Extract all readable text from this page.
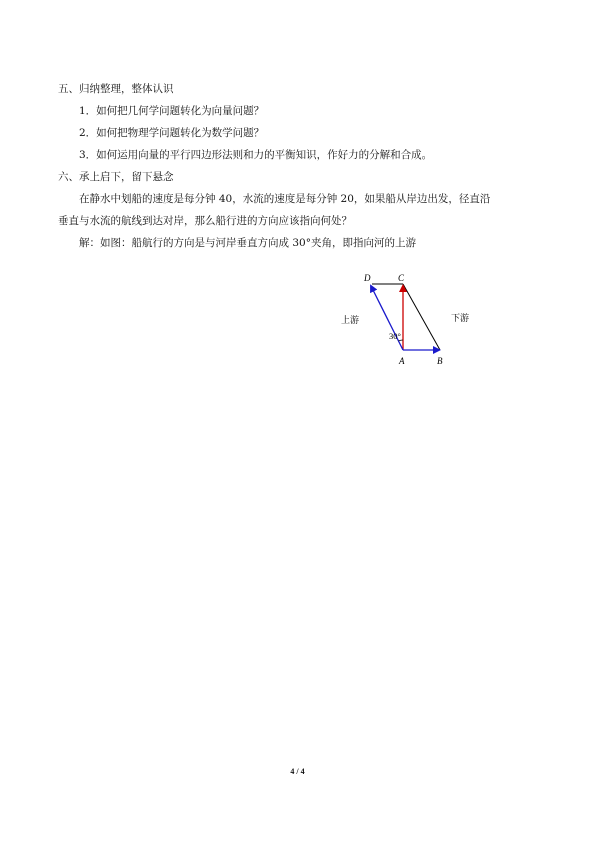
五、归纳整理，整体认识
1．如何把几何学问题转化为向量问题？
2．如何把物理学问题转化为数学问题？
3．如何运用向量的平行四边形法则和力的平衡知识，作好力的分解和合成。
六、承上启下，留下悬念
在静水中划船的速度是每分钟 40，水流的速度是每分钟 20，如果船从岸边出发，径直沿
垂直与水流的航线到达对岸，那么船行进的方向应该指向何处？
解：如图：船航行的方向是与河岸垂直方向成 30°夹角，即指向河的上游
D	C
A	B
30°
上游	下游
4 / 4
